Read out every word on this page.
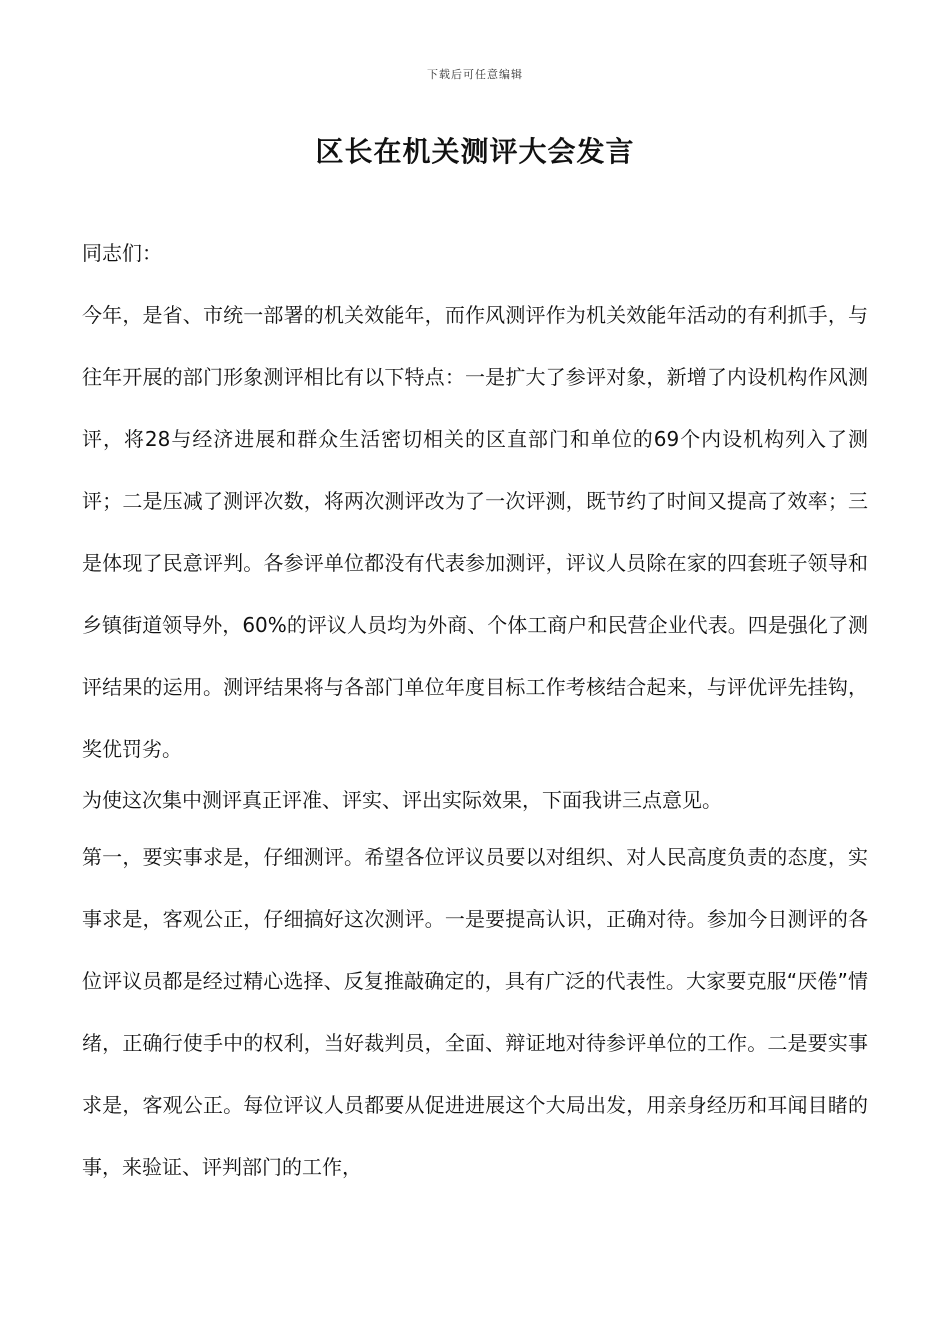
下载后可任意编辑
区长在机关测评大会发言

同志们：

今年，是省、市统一部署的机关效能年，而作风测评作为机关效能年活动的有利抓手，与往年开展的部门形象测评相比有以下特点：一是扩大了参评对象，新增了内设机构作风测评，将28与经济进展和群众生活密切相关的区直部门和单位的69个内设机构列入了测评；二是压减了测评次数，将两次测评改为了一次评测，既节约了时间又提高了效率；三是体现了民意评判。各参评单位都没有代表参加测评，评议人员除在家的四套班子领导和乡镇街道领导外，60%的评议人员均为外商、个体工商户和民营企业代表。四是强化了测评结果的运用。测评结果将与各部门单位年度目标工作考核结合起来，与评优评先挂钩，奖优罚劣。

为使这次集中测评真正评准、评实、评出实际效果，下面我讲三点意见。

第一，要实事求是，仔细测评。希望各位评议员要以对组织、对人民高度负责的态度，实事求是，客观公正，仔细搞好这次测评。一是要提高认识，正确对待。参加今日测评的各位评议员都是经过精心选择、反复推敲确定的，具有广泛的代表性。大家要克服“厌倦”情绪，正确行使手中的权利，当好裁判员，全面、辩证地对待参评单位的工作。二是要实事求是，客观公正。每位评议人员都要从促进进展这个大局出发，用亲身经历和耳闻目睹的事，来验证、评判部门的工作，
